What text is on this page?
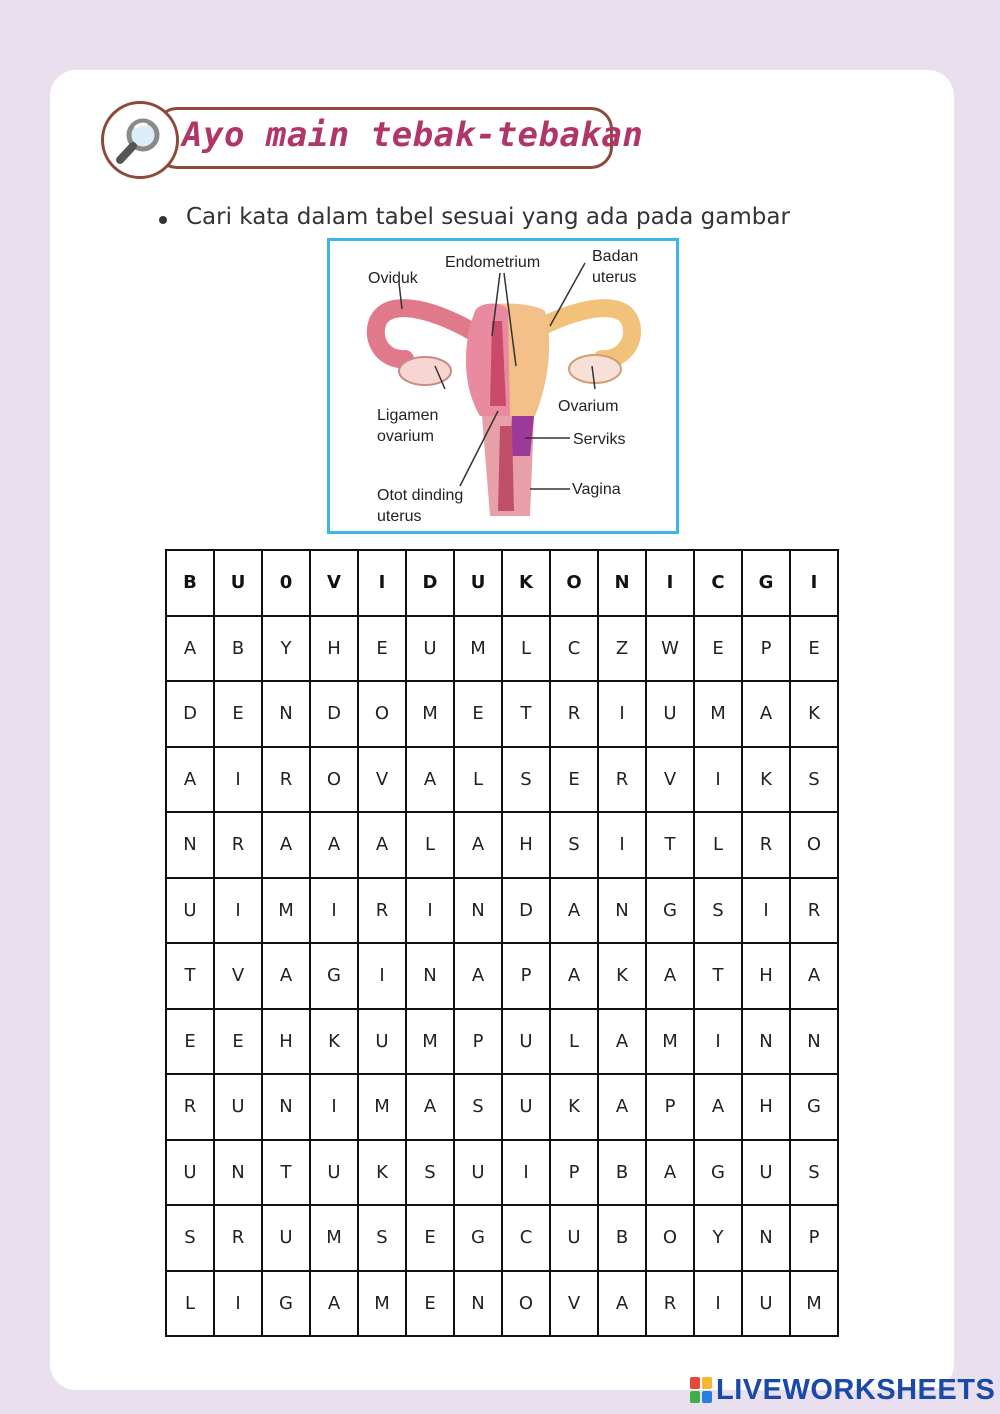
Ayo main tebak-tebakan
Cari kata dalam tabel sesuai yang ada pada gambar
Oviduk
Endometrium	Badan
uterus
Ligamen
ovarium
Ovarium
Serviks
Otot dinding
uterus
Vagina
B	U	0	V	I	D	U	K	O	N	I	C	G	I
A	B	Y	H	E	U	M	L	C	Z	W	E	P	E
D	E	N	D	O	M	E	T	R	I	U	M	A	K
A	I	R	O	V	A	L	S	E	R	V	I	K	S
N	R	A	A	A	L	A	H	S	I	T	L	R	O
U	I	M	I	R	I	N	D	A	N	G	S	I	R
T	V	A	G	I	N	A	P	A	K	A	T	H	A
E	E	H	K	U	M	P	U	L	A	M	I	N	N
R	U	N	I	M	A	S	U	K	A	P	A	H	G
U	N	T	U	K	S	U	I	P	B	A	G	U	S
S	R	U	M	S	E	G	C	U	B	O	Y	N	P
L	I	G	A	M	E	N	O	V	A	R	I	U	M
LIVEWORKSHEETS
